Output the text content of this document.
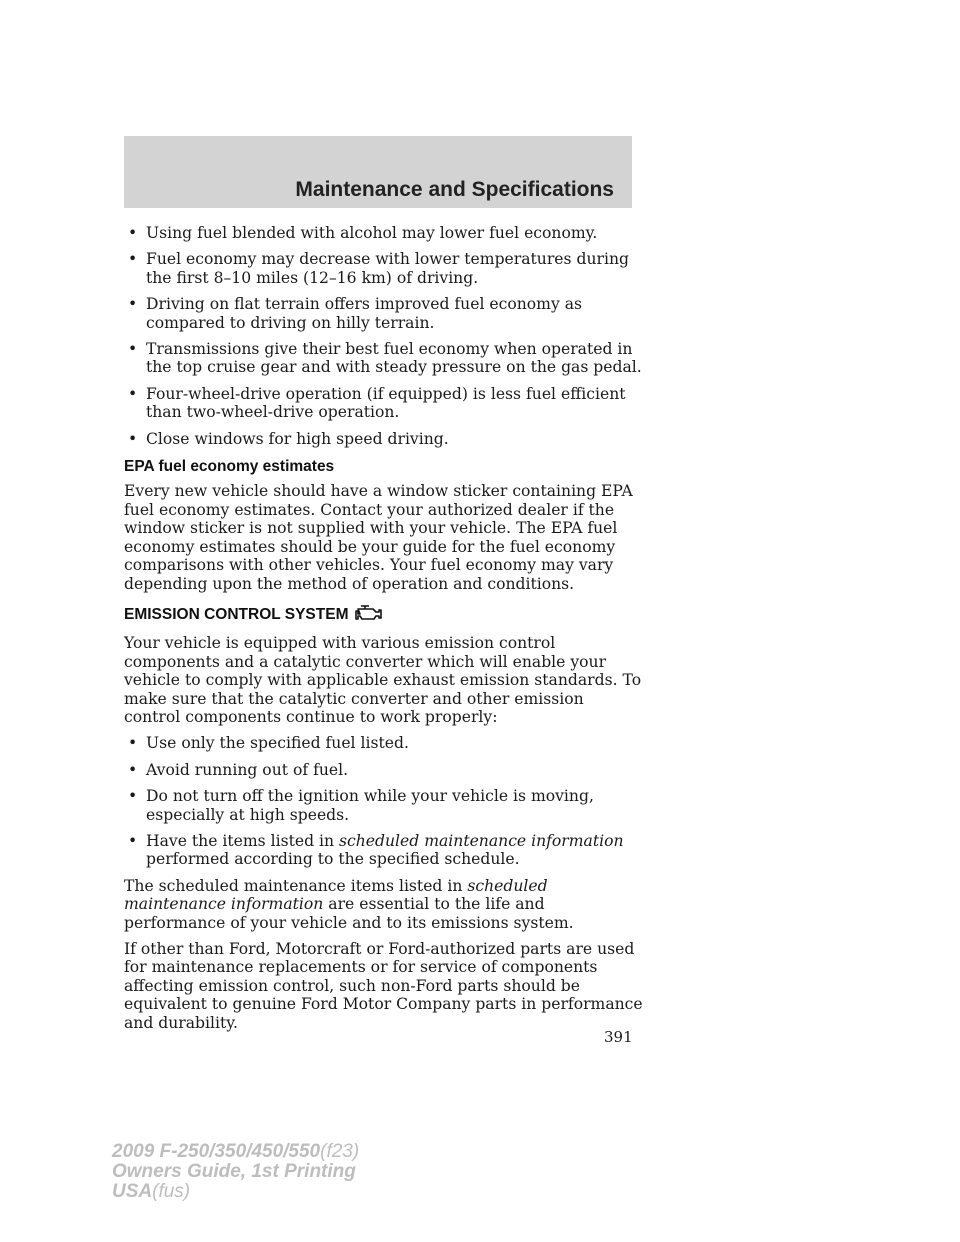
Maintenance and Specifications
• Using fuel blended with alcohol may lower fuel economy.
• Fuel economy may decrease with lower temperatures during the first 8–10 miles (12–16 km) of driving.
• Driving on flat terrain offers improved fuel economy as compared to driving on hilly terrain.
• Transmissions give their best fuel economy when operated in the top cruise gear and with steady pressure on the gas pedal.
• Four-wheel-drive operation (if equipped) is less fuel efficient than two-wheel-drive operation.
• Close windows for high speed driving.
EPA fuel economy estimates

Every new vehicle should have a window sticker containing EPA fuel economy estimates. Contact your authorized dealer if the window sticker is not supplied with your vehicle. The EPA fuel economy estimates should be your guide for the fuel economy comparisons with other vehicles. Your fuel economy may vary depending upon the method of operation and conditions.

EMISSION CONTROL SYSTEM

Your vehicle is equipped with various emission control components and a catalytic converter which will enable your vehicle to comply with applicable exhaust emission standards. To make sure that the catalytic converter and other emission control components continue to work properly:

• Use only the specified fuel listed.
• Avoid running out of fuel.
• Do not turn off the ignition while your vehicle is moving, especially at high speeds.
• Have the items listed in scheduled maintenance information performed according to the specified schedule.

The scheduled maintenance items listed in scheduled maintenance information are essential to the life and performance of your vehicle and to its emissions system.

If other than Ford, Motorcraft or Ford-authorized parts are used for maintenance replacements or for service of components affecting emission control, such non-Ford parts should be equivalent to genuine Ford Motor Company parts in performance and durability.

391
2009 F-250/350/450/550(f23)
Owners Guide, 1st Printing
USA(fus)
